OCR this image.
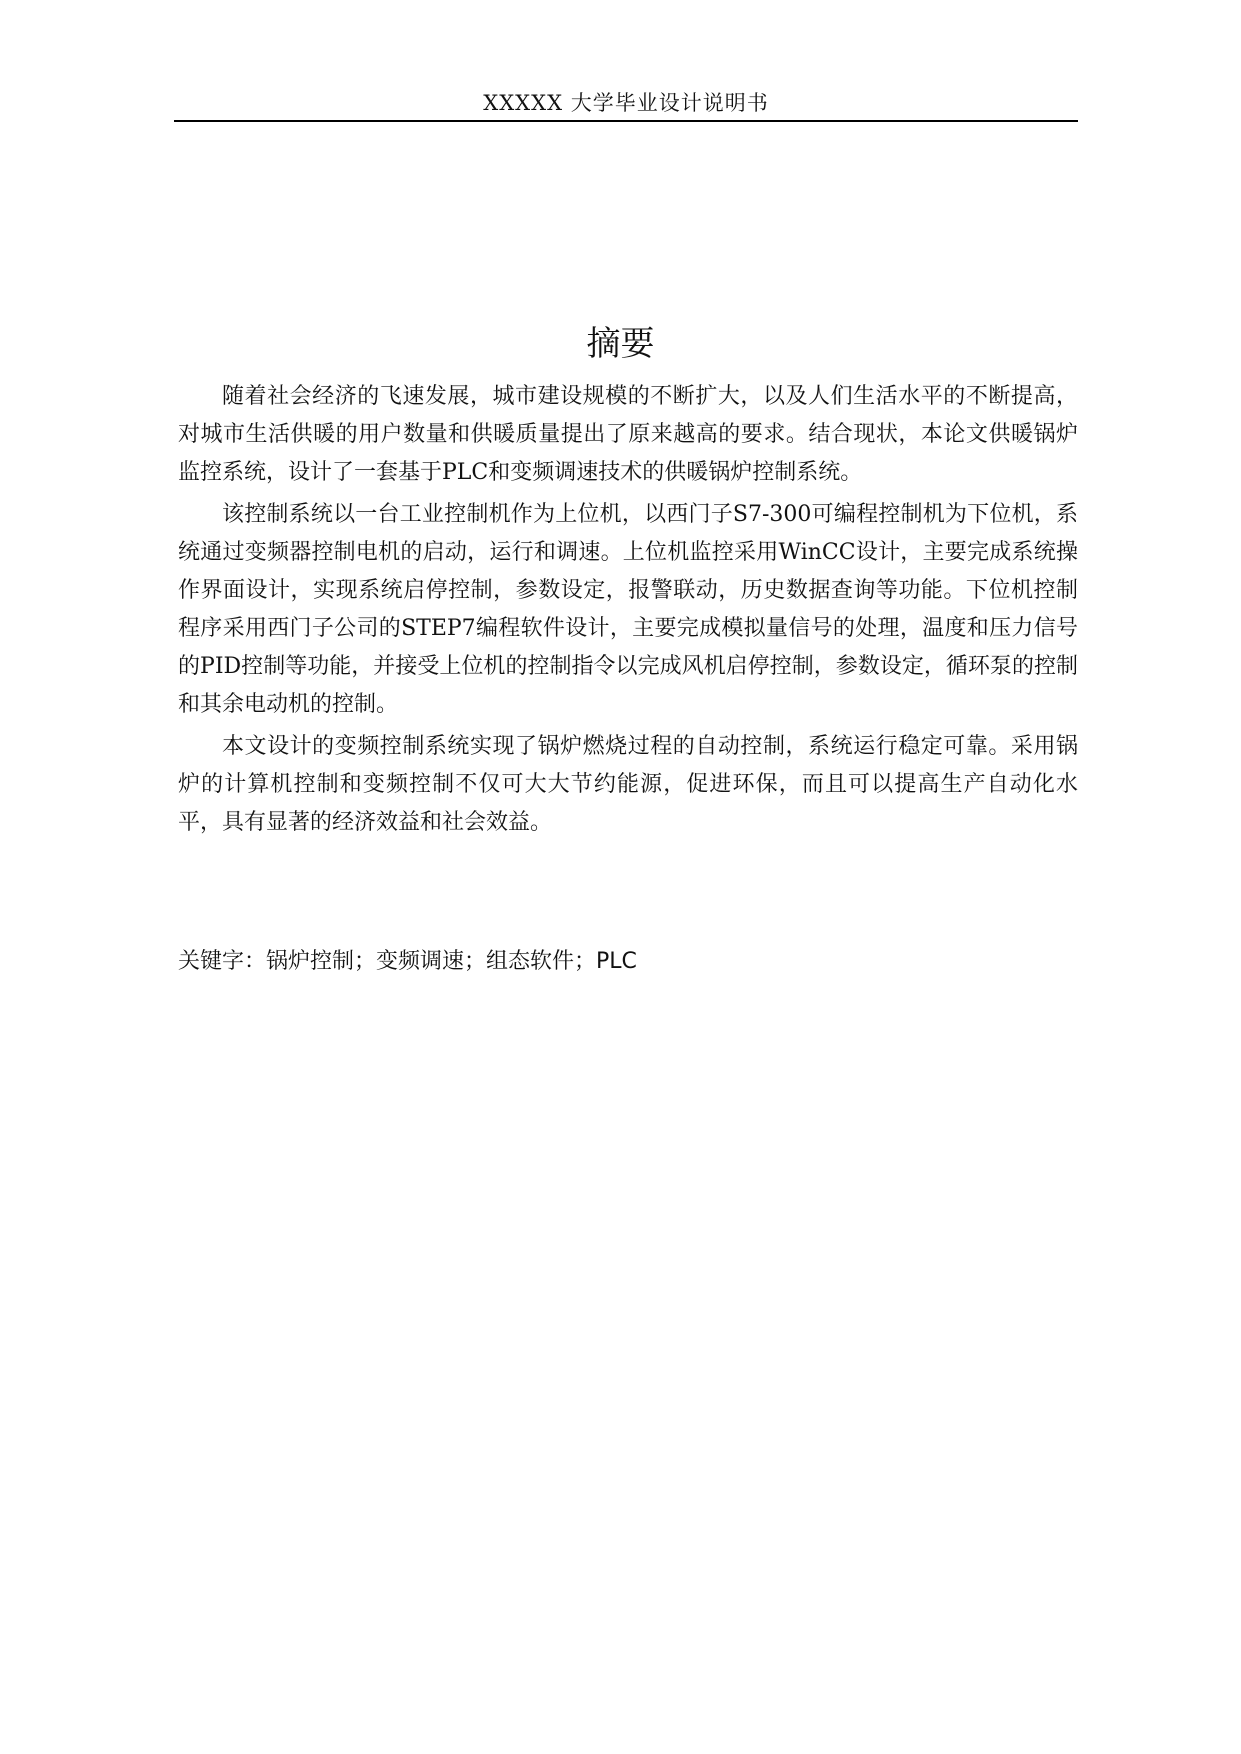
XXXXX 大学毕业设计说明书
摘要

随着社会经济的飞速发展，城市建设规模的不断扩大，以及人们生活水平的不断提高，对城市生活供暖的用户数量和供暖质量提出了原来越高的要求。结合现状，本论文供暖锅炉监控系统，设计了一套基于PLC和变频调速技术的供暖锅炉控制系统。

该控制系统以一台工业控制机作为上位机，以西门子S7-300可编程控制机为下位机，系统通过变频器控制电机的启动，运行和调速。上位机监控采用WinCC设计，主要完成系统操作界面设计，实现系统启停控制，参数设定，报警联动，历史数据查询等功能。下位机控制程序采用西门子公司的STEP7编程软件设计，主要完成模拟量信号的处理，温度和压力信号的PID控制等功能，并接受上位机的控制指令以完成风机启停控制，参数设定，循环泵的控制和其余电动机的控制。

本文设计的变频控制系统实现了锅炉燃烧过程的自动控制，系统运行稳定可靠。采用锅炉的计算机控制和变频控制不仅可大大节约能源，促进环保，而且可以提高生产自动化水平，具有显著的经济效益和社会效益。

关键字：锅炉控制；变频调速；组态软件；PLC
